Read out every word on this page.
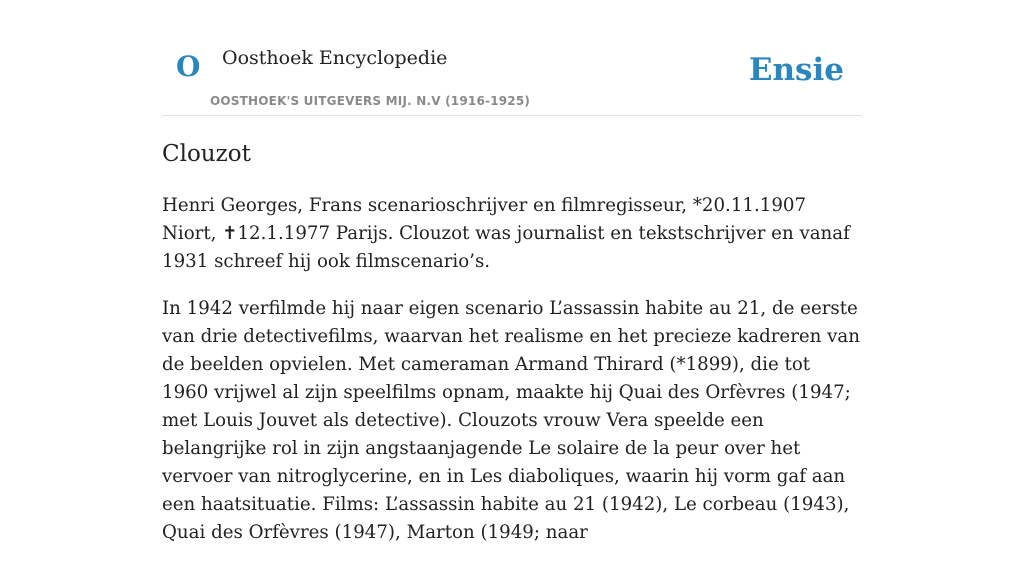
O Oosthoek Encyclopedie
OOSTHOEK'S UITGEVERS MIJ. N.V (1916-1925)
Ensie
Clouzot

Henri Georges, Frans scenarioschrijver en filmregisseur, *20.11.1907 Niort, ✝12.1.1977 Parijs. Clouzot was journalist en tekstschrijver en vanaf 1931 schreef hij ook filmscenario’s.

In 1942 verfilmde hij naar eigen scenario L’assassin habite au 21, de eerste van drie detectivefilms, waarvan het realisme en het precieze kadreren van de beelden opvielen. Met cameraman Armand Thirard (*1899), die tot 1960 vrijwel al zijn speelfilms opnam, maakte hij Quai des Orfèvres (1947; met Louis Jouvet als detective). Clouzots vrouw Vera speelde een belangrijke rol in zijn angstaanjagende Le solaire de la peur over het vervoer van nitroglycerine, en in Les diaboliques, waarin hij vorm gaf aan een haatsituatie. Films: L’assassin habite au 21 (1942), Le corbeau (1943), Quai des Orfèvres (1947), Marton (1949; naar
